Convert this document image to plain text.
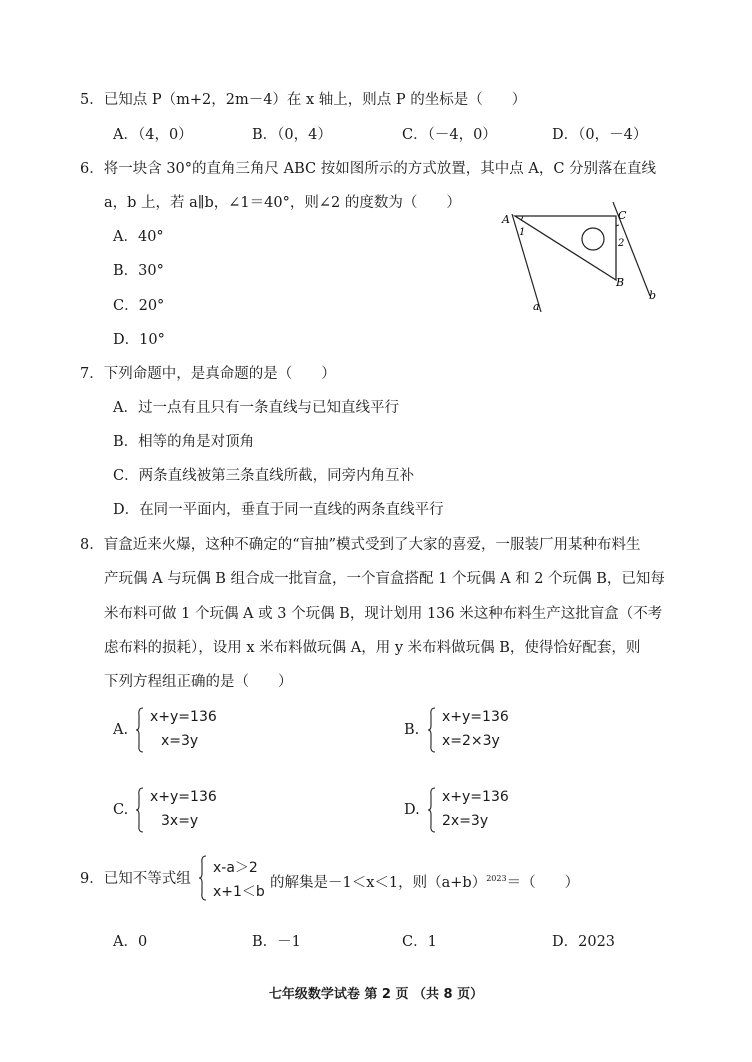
5．已知点 P（m+2，2m－4）在 x 轴上，则点 P 的坐标是（　　）
A．（4，0）	B．（0，4）	C．（－4，0）	D．（0，－4）
6．将一块含 30°的直角三角尺 ABC 按如图所示的方式放置，其中点 A，C 分别落在直线
a，b 上，若 a∥b，∠1＝40°，则∠2 的度数为（　　）
A．40°
B．30°
C．20°
D．10°
A	C
B
a
b
1
2
7．下列命题中，是真命题的是（　　）
A．过一点有且只有一条直线与已知直线平行
B．相等的角是对顶角
C．两条直线被第三条直线所截，同旁内角互补
D．在同一平面内，垂直于同一直线的两条直线平行
8．盲盒近来火爆，这种不确定的“盲抽”模式受到了大家的喜爱，一服装厂用某种布料生
产玩偶 A 与玩偶 B 组合成一批盲盒，一个盲盒搭配 1 个玩偶 A 和 2 个玩偶 B，已知每
米布料可做 1 个玩偶 A 或 3 个玩偶 B，现计划用 136 米这种布料生产这批盲盒（不考
虑布料的损耗），设用 x 米布料做玩偶 A，用 y 米布料做玩偶 B，使得恰好配套，则
下列方程组正确的是（　　）
A.
x+y=136
x=3y
B.
x+y=136
x=2×3y
C.
x+y=136
3x=y
D.
x+y=136
2x=3y
9．已知不等式组
x-a＞2
x+1＜b
的解集是－1＜x＜1，则$(a+b)^{2023}=$（　　）
A．0	B．－1	C．1	D．2023
七年级数学试卷 第 2 页 （共 8 页）
